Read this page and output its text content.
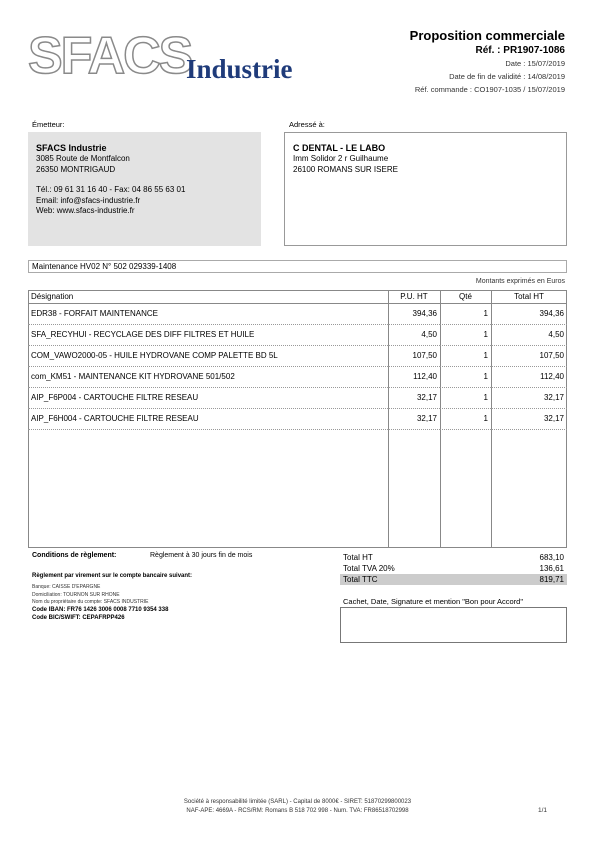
SFACS
Industrie
Proposition commerciale
Réf. : PR1907-1086
Date : 15/07/2019
Date de fin de validité : 14/08/2019
Réf. commande : CO1907-1035 / 15/07/2019
Émetteur:	Adressé à:
SFACS Industrie
3085 Route de Montfalcon
26350 MONTRIGAUD
Tél.: 09 61 31 16 40 - Fax: 04 86 55 63 01
Email: info@sfacs-industrie.fr
Web: www.sfacs-industrie.fr
C DENTAL - LE LABO
Imm Solidor 2 r Guilhaume
26100 ROMANS SUR ISERE
Maintenance HV02 N° 502 029339-1408
Montants exprimés en Euros
Désignation	P.U. HT	Qté	Total HT
EDR38 - FORFAIT MAINTENANCE	394,36	1	394,36
SFA_RECYHUI - RECYCLAGE DES DIFF FILTRES ET HUILE	4,50	1	4,50
COM_VAWO2000-05 - HUILE HYDROVANE COMP PALETTE BD 5L	107,50	1	107,50
com_KM51 - MAINTENANCE KIT HYDROVANE 501/502	112,40	1	112,40
AIP_F6P004 - CARTOUCHE FILTRE RESEAU	32,17	1	32,17
AIP_F6H004 - CARTOUCHE FILTRE RESEAU	32,17	1	32,17
Conditions de règlement:	Règlement à 30 jours fin de mois
Règlement par virement sur le compte bancaire suivant:
Banque: CAISSE D'EPARGNE
Domiciliation: TOURNON SUR RHONE
Nom du propriétaire du compte: SFACS INDUSTRIE
Code IBAN: FR76 1426 3006 0008 7710 9354 338
Code BIC/SWIFT: CEPAFRPP426
Total HT	683,10
Total TVA 20%	136,61
Total TTC	819,71
Cachet, Date, Signature et mention "Bon pour Accord"
Société à responsabilité limitée (SARL) - Capital de 8000€ - SIRET: 51870299800023
NAF-APE: 4669A - RCS/RM: Romans B 518 702 998 - Num. TVA: FR86518702998	1/1
